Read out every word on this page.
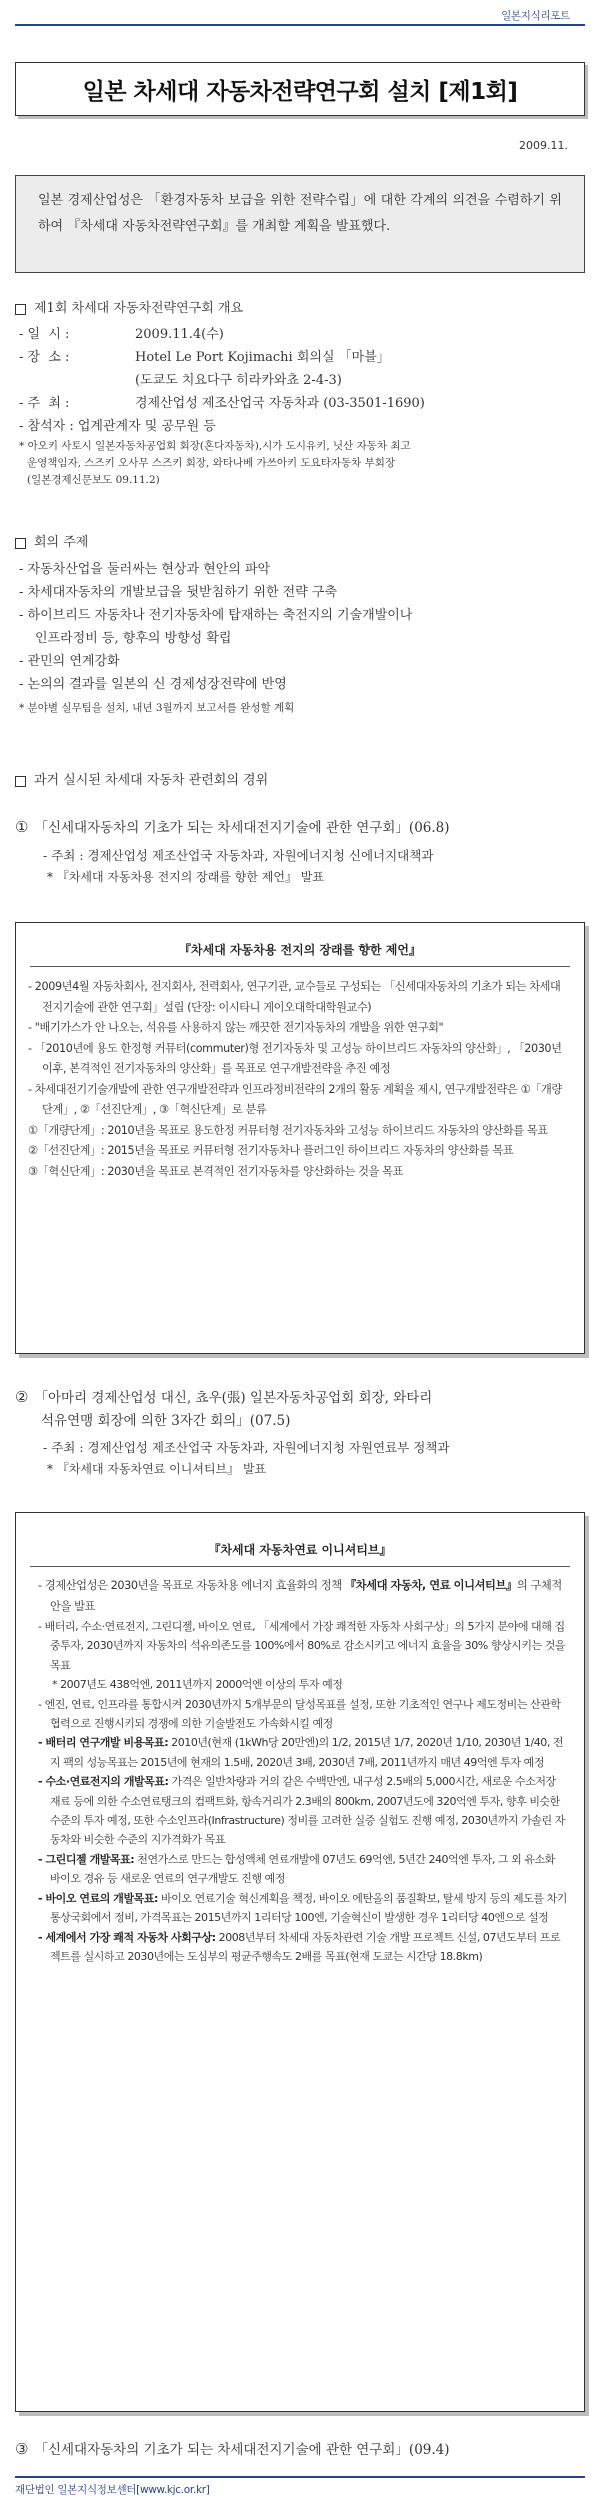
일본지식리포트
일본 차세대 자동차전략연구회 설치 [제1회]
2009.11.
일본 경제산업성은 「환경자동차 보급을 위한 전략수립」에 대한 각계의 의견을 수렴하기 위하여 『차세대 자동차전략연구회』를 개최할 계획을 발표했다.
제1회 차세대 자동차전략연구회 개요
- 일  시 :	2009.11.4(수)
- 장  소 :	Hotel Le Port Kojimachi 회의실 「마블」
(도쿄도 치요다구 히라카와쵸 2-4-3)
- 주  최 :	경제산업성 제조산업국 자동차과 (03-3501-1690)
- 참석자 : 업계관계자 및 공무원 등
* 아오키 사토시 일본자동차공업회 회장(혼다자동차),시가 도시유키, 닛산 자동차 최고
운영책임자, 스즈키 오사무 스즈키 회장, 와타나베 가쓰아키 도요타자동차 부회장
(일본경제신문보도 09.11.2)
회의 주제
- 자동차산업을 둘러싸는 현상과 현안의 파악
- 차세대자동차의 개발보급을 뒷받침하기 위한 전략 구축
- 하이브리드 자동차나 전기자동차에 탑재하는 축전지의 기술개발이나
인프라정비 등, 향후의 방향성 확립
- 관민의 연계강화
- 논의의 결과를 일본의 신 경제성장전략에 반영
* 분야별 실무팀을 설치, 내년 3월까지 보고서를 완성할 계획
과거 실시된 차세대 자동차 관련회의 경위
① 「신세대자동차의 기초가 되는 차세대전지기술에 관한 연구회」(06.8)
- 주최 : 경제산업성 제조산업국 자동차과, 자원에너지청 신에너지대책과
* 『차세대 자동차용 전지의 장래를 향한 제언』 발표
『차세대 자동차용 전지의 장래를 향한 제언』
- 2009년4월 자동차회사, 전지회사, 전력회사, 연구기관, 교수들로 구성되는 「신세대자동차의 기초가 되는 차세대전지기술에 관한 연구회」설립 (단장: 이시타니 게이오대학대학원교수)
- "배기가스가 안 나오는, 석유를 사용하지 않는 깨끗한 전기자동차의 개발을 위한 연구회"
- 「2010년에 용도 한정형 커뮤터(commuter)형 전기자동차 및 고성능 하이브리드 자동차의 양산화」, 「2030년 이후, 본격적인 전기자동차의 양산화」를 목표로 연구개발전략을 추진 예정
- 차세대전기기술개발에 관한 연구개발전략과 인프라정비전략의 2개의 활동 계획을 제시, 연구개발전략은 ①「개량단계」, ②「선진단계」, ③「혁신단계」로 분류
①「개량단계」: 2010년을 목표로 용도한정 커뮤터형 전기자동차와 고성능 하이브리드 자동차의 양산화를 목표
②「선진단계」: 2015년을 목표로 커뮤터형 전기자동차나 플러그인 하이브리드 자동차의 양산화를 목표
③「혁신단계」: 2030년을 목표로 본격적인 전기자동차를 양산화하는 것을 목표
② 「아마리 경제산업성 대신, 쵸우(張) 일본자동차공업회 회장, 와타리
석유연맹 회장에 의한 3자간 회의」(07.5)
- 주최 : 경제산업성 제조산업국 자동차과, 자원에너지청 자원연료부 정책과
* 『차세대 자동차연료 이니셔티브』 발표
『차세대 자동차연료 이니셔티브』
- 경제산업성은 2030년을 목표로 자동차용 에너지 효율화의 정책 『차세대 자동차, 연료 이니셔티브』의 구체적 안을 발표
- 배터리, 수소·연료전지, 그린디젤, 바이오 연료, 「세계에서 가장 쾌적한 자동차 사회구상」의 5가지 분야에 대해 집중투자, 2030년까지 자동차의 석유의존도를 100%에서 80%로 감소시키고 에너지 효율을 30% 향상시키는 것을 목표
* 2007년도 438억엔, 2011년까지 2000억엔 이상의 투자 예정
- 엔진, 연료, 인프라를 통합시켜 2030년까지 5개부문의 달성목표를 설정, 또한 기초적인 연구나 제도정비는 산관학 협력으로 진행시키되 경쟁에 의한 기술발전도 가속화시킬 예정
- 배터리 연구개발 비용목표: 2010년(현재 (1kWh당 20만엔)의 1/2, 2015년 1/7, 2020년 1/10, 2030년 1/40, 전지 팩의 성능목표는 2015년에 현재의 1.5배, 2020년 3배, 2030년 7배, 2011년까지 매년 49억엔 투자 예정
- 수소·연료전지의 개발목표: 가격은 일반차량과 거의 같은 수백만엔, 내구성 2.5배의 5,000시간, 새로운 수소저장 재료 등에 의한 수소연료탱크의 컴팩트화, 항속거리가 2.3배의 800km, 2007년도에 320억엔 투자, 향후 비슷한 수준의 투자 예정, 또한 수소인프라(Infrastructure) 정비를 고려한 실증 실험도 진행 예정, 2030년까지 가솔린 자동차와 비슷한 수준의 지가격화가 목표
- 그린디젤 개발목표: 천연가스로 만드는 합성액체 연료개발에 07년도 69억엔, 5년간 240억엔 투자, 그 외 유소화 바이오 경유 등 새로운 연료의 연구개발도 진행 예정
- 바이오 연료의 개발목표: 바이오 연료기술 혁신계획을 책정, 바이오 에탄올의 품질확보, 탈세 방지 등의 제도를 차기 통상국회에서 정비, 가격목표는 2015년까지 1리터당 100엔, 기술혁신이 발생한 경우 1리터당 40엔으로 설정
- 세계에서 가장 쾌적 자동차 사회구상: 2008년부터 차세대 자동차관련 기술 개발 프로젝트 신설, 07년도부터 프로젝트를 실시하고 2030년에는 도심부의 평균주행속도 2배를 목표(현재 도쿄는 시간당 18.8km)
③ 「신세대자동차의 기초가 되는 차세대전지기술에 관한 연구회」(09.4)
재단법인 일본지식정보센터[www.kjc.or.kr]
